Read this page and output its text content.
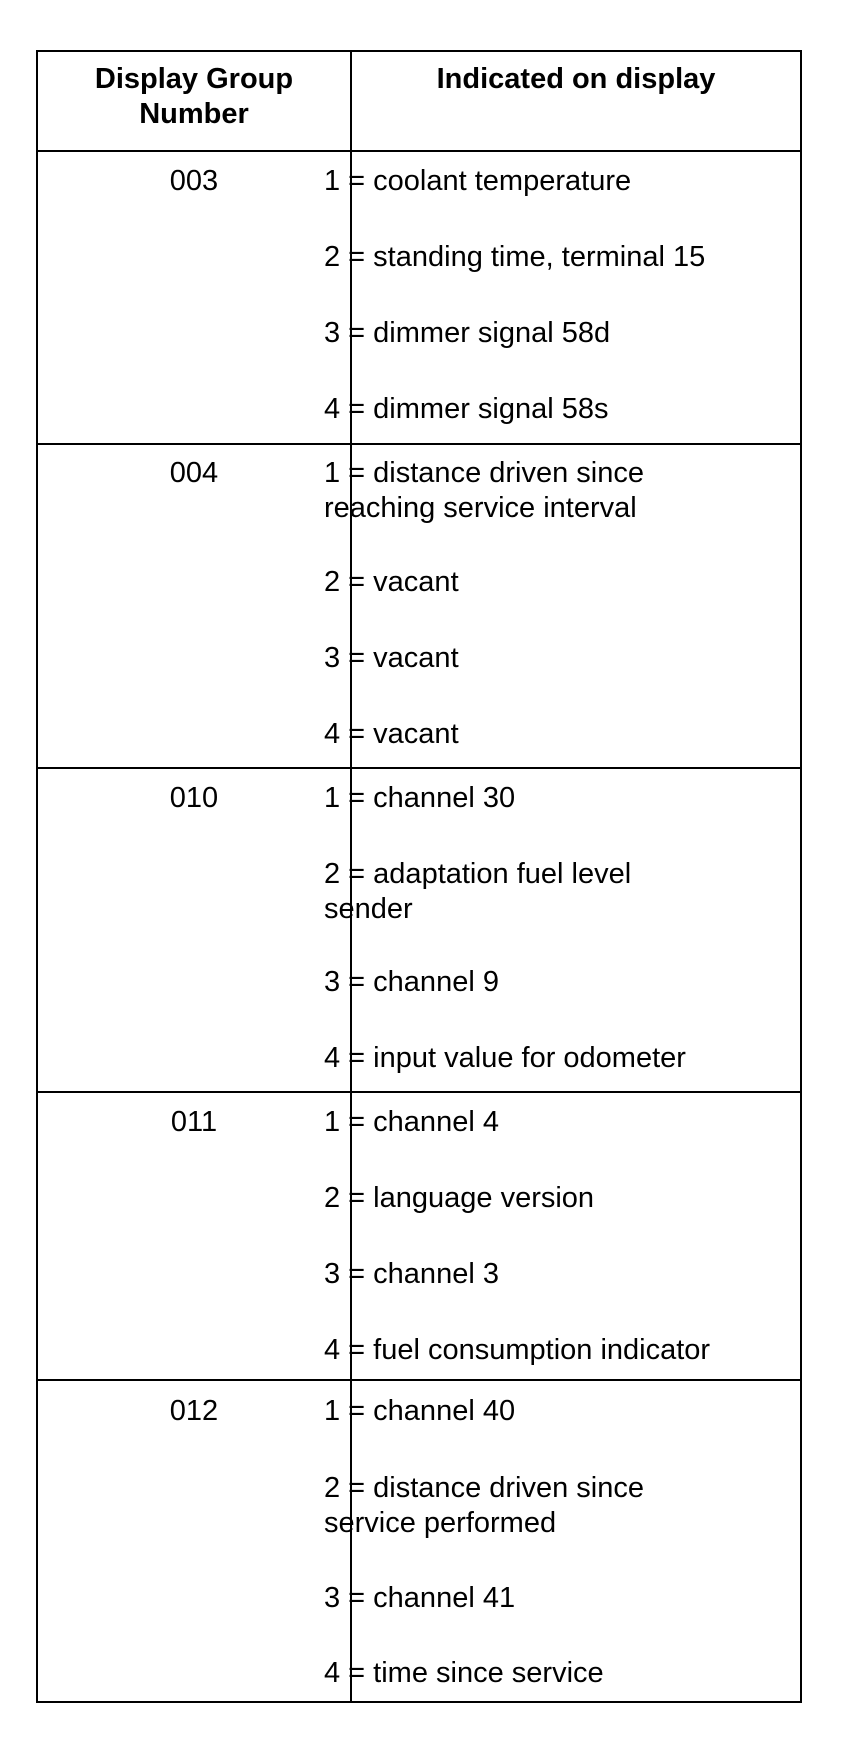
Display Group
Number
Indicated on display
003	1 = coolant temperature
2 = standing time, terminal 15
3 = dimmer signal 58d
4 = dimmer signal 58s
004	1 = distance driven since
reaching service interval
2 = vacant
3 = vacant
4 = vacant
010	1 = channel 30
2 = adaptation fuel level
sender
3 = channel 9
4 = input value for odometer
011	1 = channel 4
2 = language version
3 = channel 3
4 = fuel consumption indicator
012	1 = channel 40
2 = distance driven since
service performed
3 = channel 41
4 = time since service
